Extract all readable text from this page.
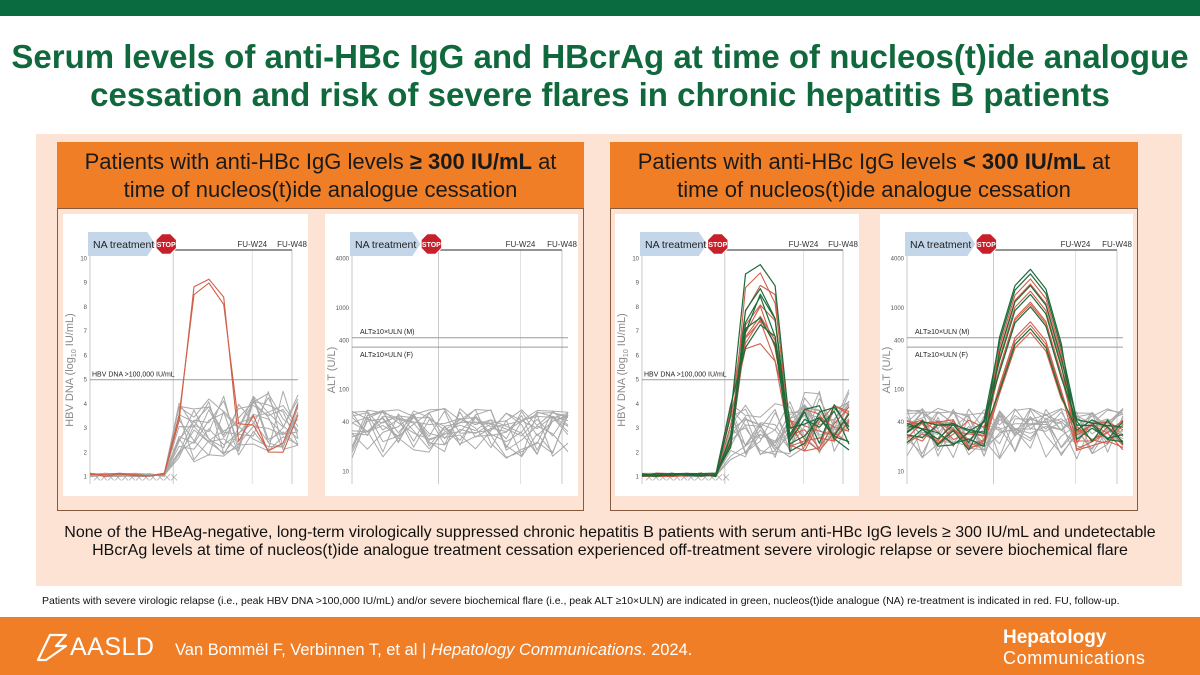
Serum levels of anti-HBc IgG and HBcrAg at time of nucleos(t)ide analogue
cessation and risk of severe flares in chronic hepatitis B patients
Patients with anti-HBc IgG levels ≥ 300 IU/mL at
time of nucleos(t)ide analogue cessation
Patients with anti-HBc IgG levels < 300 IU/mL at
time of nucleos(t)ide analogue cessation
HBV DNA ($\log_{10}$ IU/mL)
NA treatment STOP	FU-W24 FU-W48
1
2
3
4
5
6
7
8
9
10
HBV DNA >100,000 IU/mL	ALT (U/L)
NA treatment STOP	FU-W24 FU-W48
10
40
100
400
1000
4000
ALT≥10×ULN (M)
ALT≥10×ULN (F)
HBV DNA ($\log_{10}$ IU/mL)
NA treatment STOP	FU-W24 FU-W48
1
2
3
4
5
6
7
8
9
10
HBV DNA >100,000 IU/mL	ALT (U/L)
NA treatment STOP	FU-W24 FU-W48
10
40
100
400
1000
4000
ALT≥10×ULN (M)
ALT≥10×ULN (F)
None of the HBeAg-negative, long-term virologically suppressed chronic hepatitis B patients with serum anti-HBc IgG levels ≥ 300 IU/mL and undetectable HBcrAg levels at time of nucleos(t)ide analogue treatment cessation experienced off-treatment severe virologic relapse or severe biochemical flare
Patients with severe virologic relapse (i.e., peak HBV DNA >100,000 IU/mL) and/or severe biochemical flare (i.e., peak ALT ≥10×ULN) are indicated in green, nucleos(t)ide analogue (NA) re-treatment is indicated in red. FU, follow-up.
AASLD Van Bommël F, Verbinnen T, et al | Hepatology Communications. 2024.
Hepatology
Communications
